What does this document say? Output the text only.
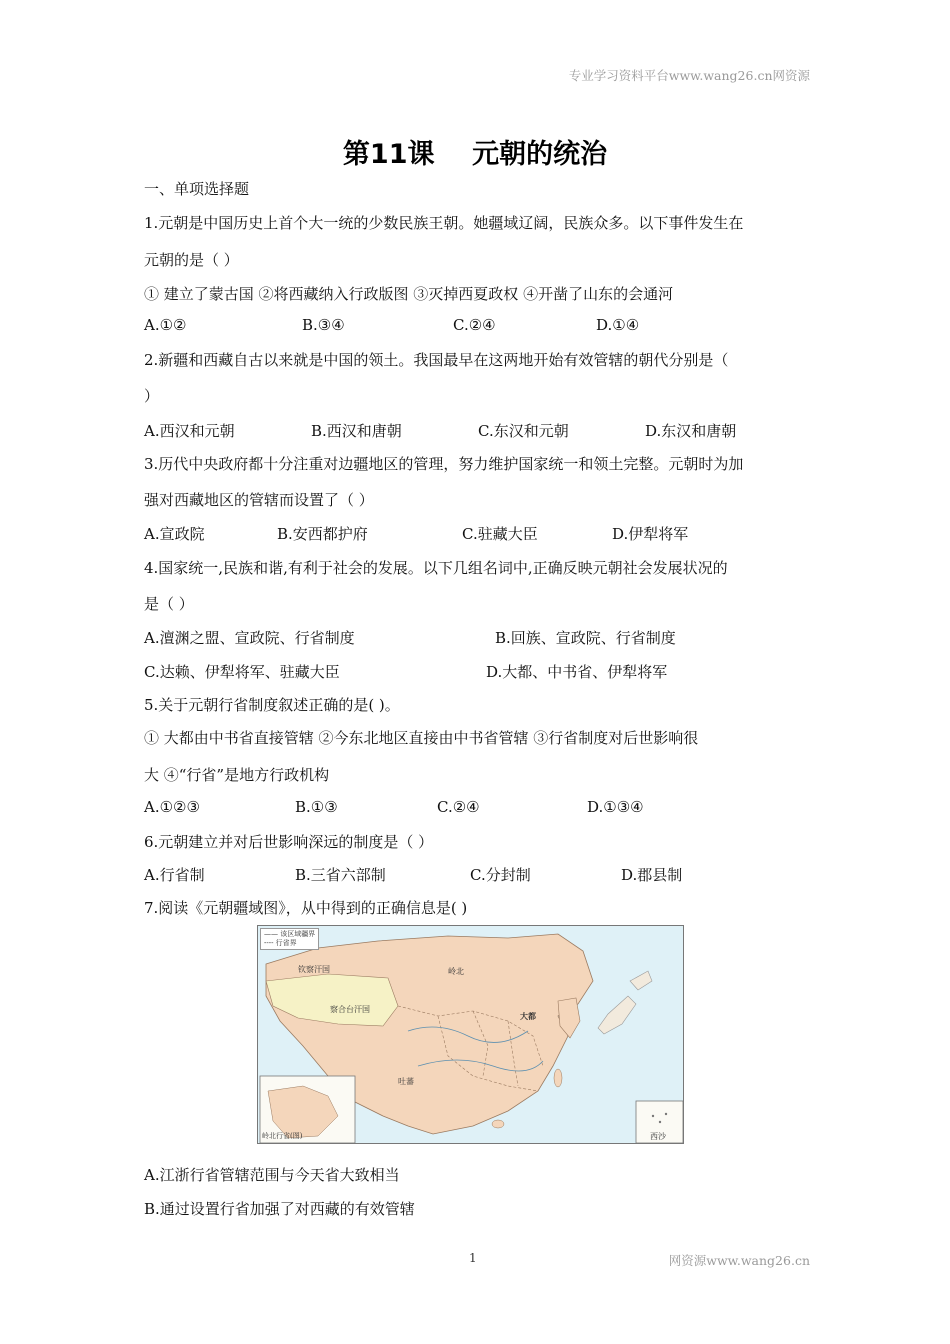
专业学习资料平台www.wang26.cn网资源
第11课    元朝的统治
一、单项选择题
1.元朝是中国历史上首个大一统的少数民族王朝。她疆域辽阔，民族众多。以下事件发生在
元朝的是（ ）
① 建立了蒙古国 ②将西藏纳入行政版图 ③灭掉西夏政权 ④开凿了山东的会通河
A.①②	B.③④	C.②④	D.①④
2.新疆和西藏自古以来就是中国的领土。我国最早在这两地开始有效管辖的朝代分别是（
）
A.西汉和元朝	B.西汉和唐朝	C.东汉和元朝	D.东汉和唐朝
3.历代中央政府都十分注重对边疆地区的管理，努力维护国家统一和领土完整。元朝时为加
强对西藏地区的管辖而设置了（ ）
A.宣政院	B.安西都护府	C.驻藏大臣	D.伊犁将军
4.国家统一,民族和谐,有利于社会的发展。以下几组名词中,正确反映元朝社会发展状况的
是（ ）
A.澶渊之盟、宣政院、行省制度	B.回族、宣政院、行省制度
C.达赖、伊犁将军、驻藏大臣	D.大都、中书省、伊犁将军
5.关于元朝行省制度叙述正确的是( )。
① 大都由中书省直接管辖 ②今东北地区直接由中书省管辖 ③行省制度对后世影响很
大 ④“行省”是地方行政机构
A.①②③	B.①③	C.②④	D.①③④
6.元朝建立并对后世影响深远的制度是（ ）
A.行省制	B.三省六部制	C.分封制	D.郡县制
7.阅读《元朝疆域图》，从中得到的正确信息是( )
—— 该区域疆界
---- 行省界
钦察汗国
察合台汗国
岭北
大都
吐蕃
西沙
岭北行省(图)
A.江浙行省管辖范围与今天省大致相当
B.通过设置行省加强了对西藏的有效管辖
1	网资源www.wang26.cn
